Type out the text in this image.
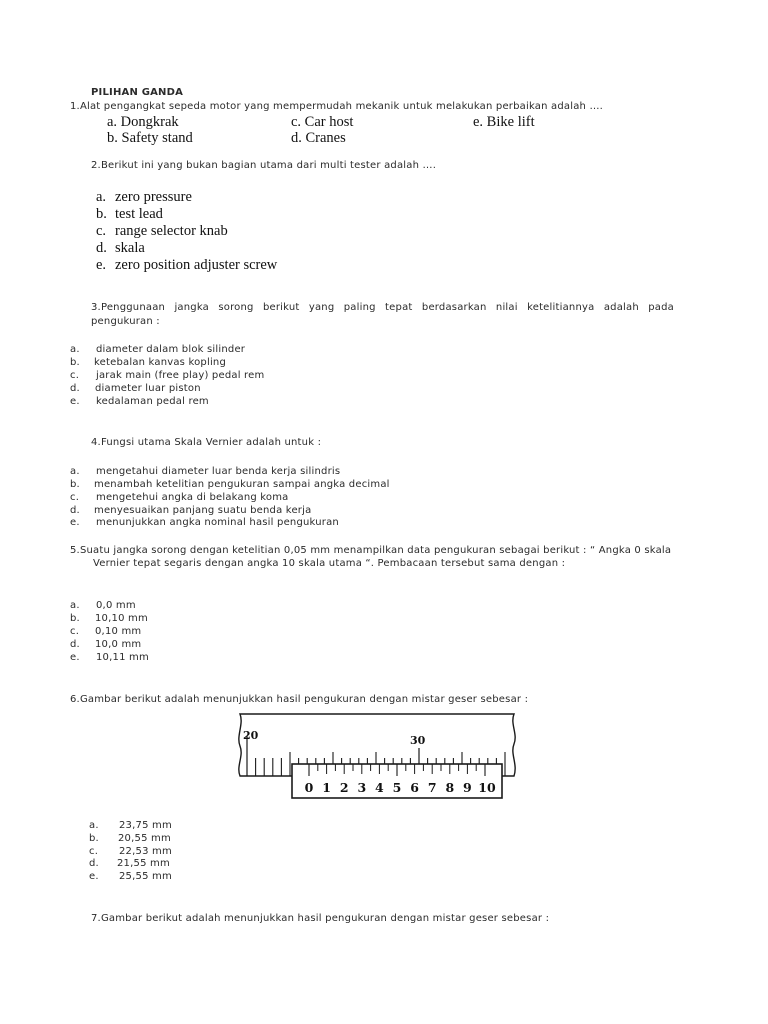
PILIHAN GANDA
1.Alat pengangkat sepeda motor yang mempermudah mekanik untuk melakukan perbaikan adalah ….
a. Dongkrak	c. Car host	e. Bike lift
b. Safety stand	d. Cranes
2.Berikut ini yang bukan bagian utama dari multi tester adalah ….
a. zero pressure
b. test lead
c. range selector knab
d. skala
e. zero position adjuster screw
3.Penggunaan jangka sorong berikut yang paling tepat berdasarkan nilai ketelitiannya adalah pada
pengukuran :
a. diameter dalam blok silinder
b. ketebalan kanvas kopling
c. jarak main (free play) pedal rem
d. diameter luar piston
e. kedalaman pedal rem
4.Fungsi utama Skala Vernier adalah untuk :
a. mengetahui diameter luar benda kerja silindris
b. menambah ketelitian pengukuran sampai angka decimal
c. mengetehui angka di belakang koma
d. menyesuaikan panjang suatu benda kerja
e. menunjukkan angka nominal hasil pengukuran
5.Suatu jangka sorong dengan ketelitian 0,05 mm menampilkan data pengukuran sebagai berikut : “ Angka 0 skala
Vernier tepat segaris dengan angka 10 skala utama “. Pembacaan tersebut sama dengan :
a. 0,0 mm
b. 10,10 mm
c. 0,10 mm
d. 10,0 mm
e. 10,11 mm
6.Gambar berikut adalah menunjukkan hasil pengukuran dengan mistar geser sebesar :
20	30
0 1 2 3 4 5 6 7 8 9 10
a. 23,75 mm
b. 20,55 mm
c. 22,53 mm
d. 21,55 mm
e. 25,55 mm
7.Gambar berikut adalah menunjukkan hasil pengukuran dengan mistar geser sebesar :
